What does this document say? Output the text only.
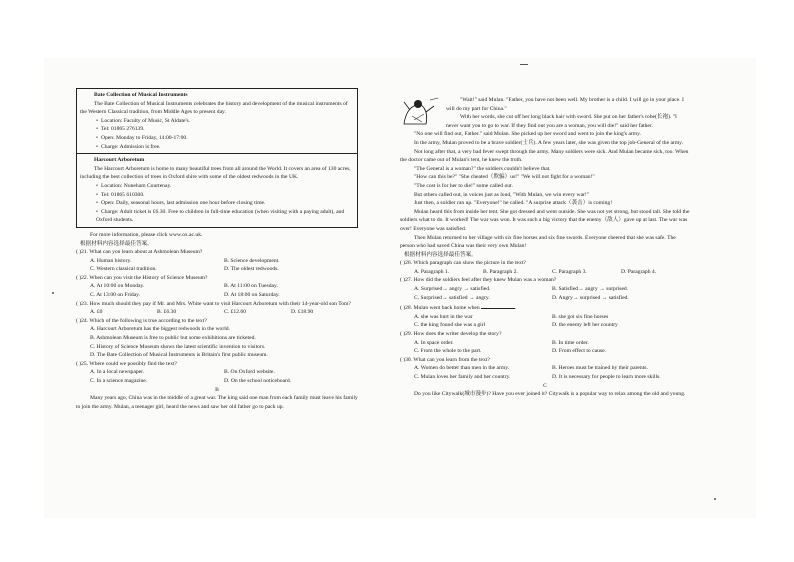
Bate Collection of Musical Instruments
The Bate Collection of Musical Instruments celebrates the history and development of the musical instruments of the Western Classical tradition, from Middle Ages to present day.
• Location: Faculty of Music, St Aldate's.
• Tel: 01865 276139.
• Open: Monday to Friday, 14:00-17:00.
• Charge: Admission is free.
Harcourt Arboretum
The Harcourt Arboretum is home to many beautiful trees from all around the World. It covers an area of 130 acres, including the best collection of trees in Oxford shire with some of the oldest redwoods in the UK.
• Location: Nuneham Courtenay.
• Tel: 01865 610300.
• Open: Daily, seasonal hours, last admission one hour before closing time.
• Charge: Adult ticket is £6.30. Free to children in full-time education (when visiting with a paying adult), and Oxford students.
For more information, please click www.ox.ac.uk.
根据材料内容选择最佳答案。
( )21. What can you learn about at Ashmolean Museum?
A. Human history.	B. Science development.
C. Western classical tradition.	D. The oldest redwoods.
( )22. When can you visit the History of Science Museum?
A. At 10:00 on Monday.	B. At 11:00 on Tuesday.
C. At 13:00 on Friday.	D. At 18:00 on Saturday.
( )23. How much should they pay if Mr. and Mrs. White want to visit Harcourt Arboretum with their 14-year-old son Tom?
A. £0	B. £6.30	C. £12.60	D. £18.90
( )24. Which of the following is true according to the text?
A. Harcourt Arboretum has the biggest redwoods in the world.
B. Ashmolean Museum is free to public but some exhibitions are ticketed.
C. History of Science Museum shows the latest scientific invention to visitors.
D. The Bate Collection of Musical Instruments is Britain's first public museum.
( )25. Where could we possibly find the text?
A. In a local newspaper.	B. On Oxford website.
C. In a science magazine.	D. On the school noticeboard.
B
Many years ago, China was in the middle of a great war. The king said one man from each family must leave his family to join the army. Mulan, a teenager girl, heard the news and saw her old father go to pack up.
"Wait!" said Mulan. "Father, you have not been well. My brother is a child. I will go in your place. I will do my part for China."
With her words, she cut off her long black hair with sword. She put on her father's robe(长袍). "I never want you to go to war. If they find out you are a woman, you will die!" said her father.
"No one will find out, Father." said Mulan. She picked up her sword and went to join the king's army.
In the army, Mulan proved to be a brave soldier(士兵). A few years later, she was given the top job-General of the army.
Not long after that, a very bad fever swept through the army. Many soldiers were sick. And Mulan became sick, too. When the doctor came out of Mulan's tent, he knew the truth.
"The General is a woman?" the soldiers couldn't believe that.
"How can this be?" "She cheated（欺骗）us!" "We will not fight for a woman!"
"The cost is for her to die!" some called out.
But others called out, in voices just as loud, "With Mulan, we win every war!"
Just then, a soldier ran up. "Everyone!" he called. "A surprise attack（袭击）is coming!
Mulan heard this from inside her tent. She got dressed and went outside. She was not yet strong, but stood tall. She told the soldiers what to do. It worked! The war was won. It was such a big victory that the enemy（敌人）gave up at last. The war was over! Everyone was satisfied.
Then Mulan returned to her village with six fine horses and six fine swords. Everyone cheered that she was safe. The person who had saved China was their very own Mulan!
根据材料内容选择最佳答案。
( )26. Which paragraph can show the picture in the text?
A. Paragraph 1.	B. Paragraph 2.	C. Paragraph 3.	D. Paragraph 4.
( )27. How did the soldiers feel after they knew Mulan was a woman?
A. Surprised→ angry → satisfied.	B. Satisfied→ angry → surprised.
C. Surprised→ satisfied → angry.	D. Angry→ surprised → satisfied.
( )28. Mulan went back home when	.
A. she was hurt in the war	B. she got six fine horses
C. the king found she was a girl	D. the enemy left her country
( )29. How does the writer develop the story?
A. In space order.	B. In time order.
C. From the whole to the part.	D. From effect to cause.
( )30. What can you learn from the text?
A. Women do better than men in the army.	B. Heroes must be trained by their parents.
C. Mulan loves her family and her country.	D. It is necessary for people to learn more skills.
C
Do you like Citywalk(城市漫步)? Have you ever joined it? Citywalk is a popular way to relax among the old and young.
